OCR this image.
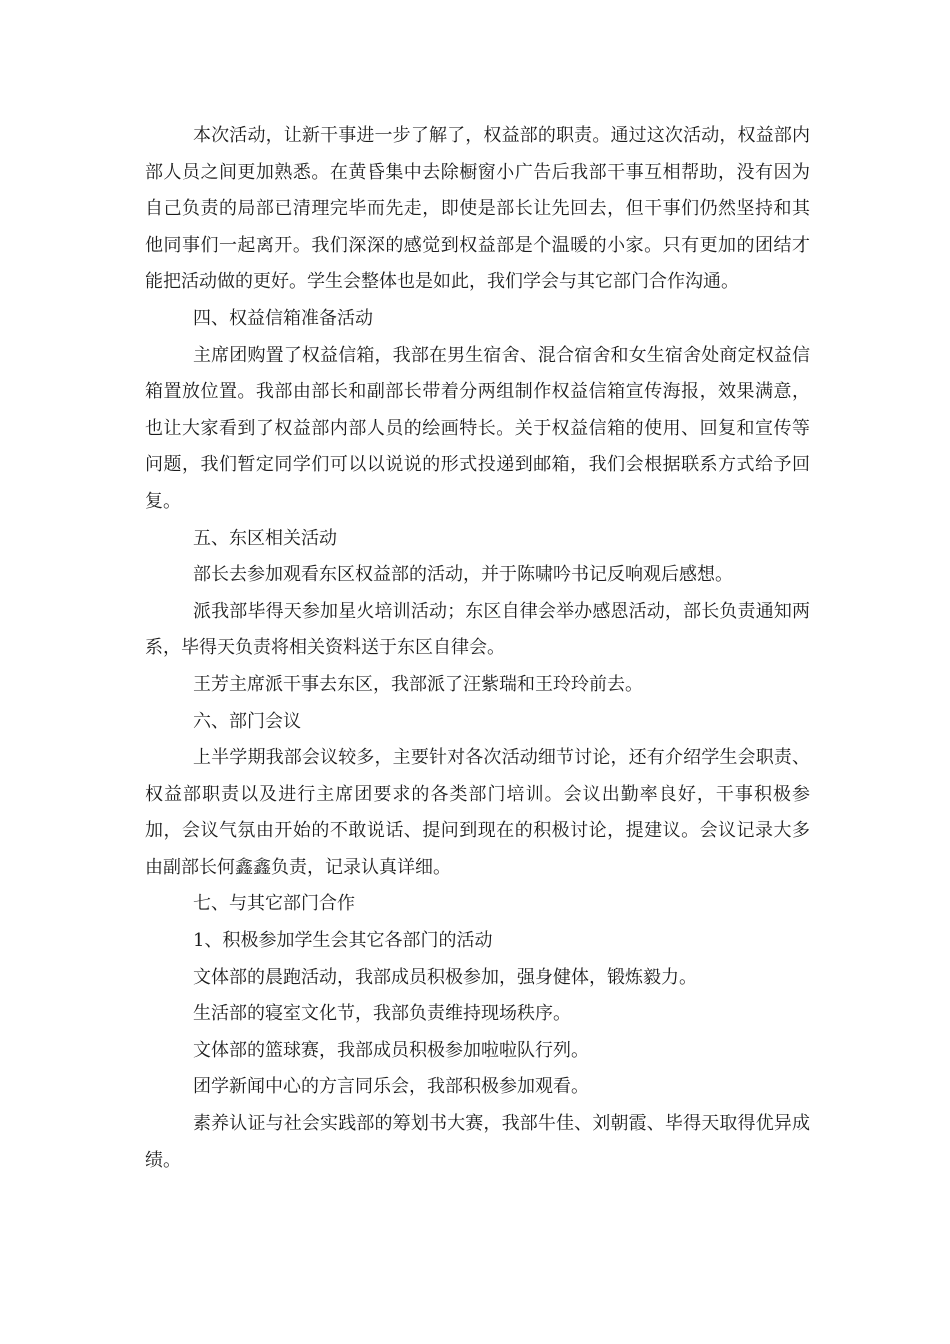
本次活动，让新干事进一步了解了，权益部的职责。通过这次活动，权益部内部人员之间更加熟悉。在黄昏集中去除橱窗小广告后我部干事互相帮助，没有因为自己负责的局部已清理完毕而先走，即使是部长让先回去，但干事们仍然坚持和其他同事们一起离开。我们深深的感觉到权益部是个温暖的小家。只有更加的团结才能把活动做的更好。学生会整体也是如此，我们学会与其它部门合作沟通。

四、权益信箱准备活动

主席团购置了权益信箱，我部在男生宿舍、混合宿舍和女生宿舍处商定权益信箱置放位置。我部由部长和副部长带着分两组制作权益信箱宣传海报，效果满意，也让大家看到了权益部内部人员的绘画特长。关于权益信箱的使用、回复和宣传等问题，我们暂定同学们可以以说说的形式投递到邮箱，我们会根据联系方式给予回复。

五、东区相关活动

部长去参加观看东区权益部的活动，并于陈啸吟书记反响观后感想。

派我部毕得天参加星火培训活动；东区自律会举办感恩活动，部长负责通知两系，毕得天负责将相关资料送于东区自律会。

王芳主席派干事去东区，我部派了汪紫瑞和王玲玲前去。

六、部门会议

上半学期我部会议较多，主要针对各次活动细节讨论，还有介绍学生会职责、权益部职责以及进行主席团要求的各类部门培训。会议出勤率良好，干事积极参加，会议气氛由开始的不敢说话、提问到现在的积极讨论，提建议。会议记录大多由副部长何鑫鑫负责，记录认真详细。

七、与其它部门合作

1、积极参加学生会其它各部门的活动

文体部的晨跑活动，我部成员积极参加，强身健体，锻炼毅力。

生活部的寝室文化节，我部负责维持现场秩序。

文体部的篮球赛，我部成员积极参加啦啦队行列。

团学新闻中心的方言同乐会，我部积极参加观看。

素养认证与社会实践部的筹划书大赛，我部牛佳、刘朝霞、毕得天取得优异成绩。
